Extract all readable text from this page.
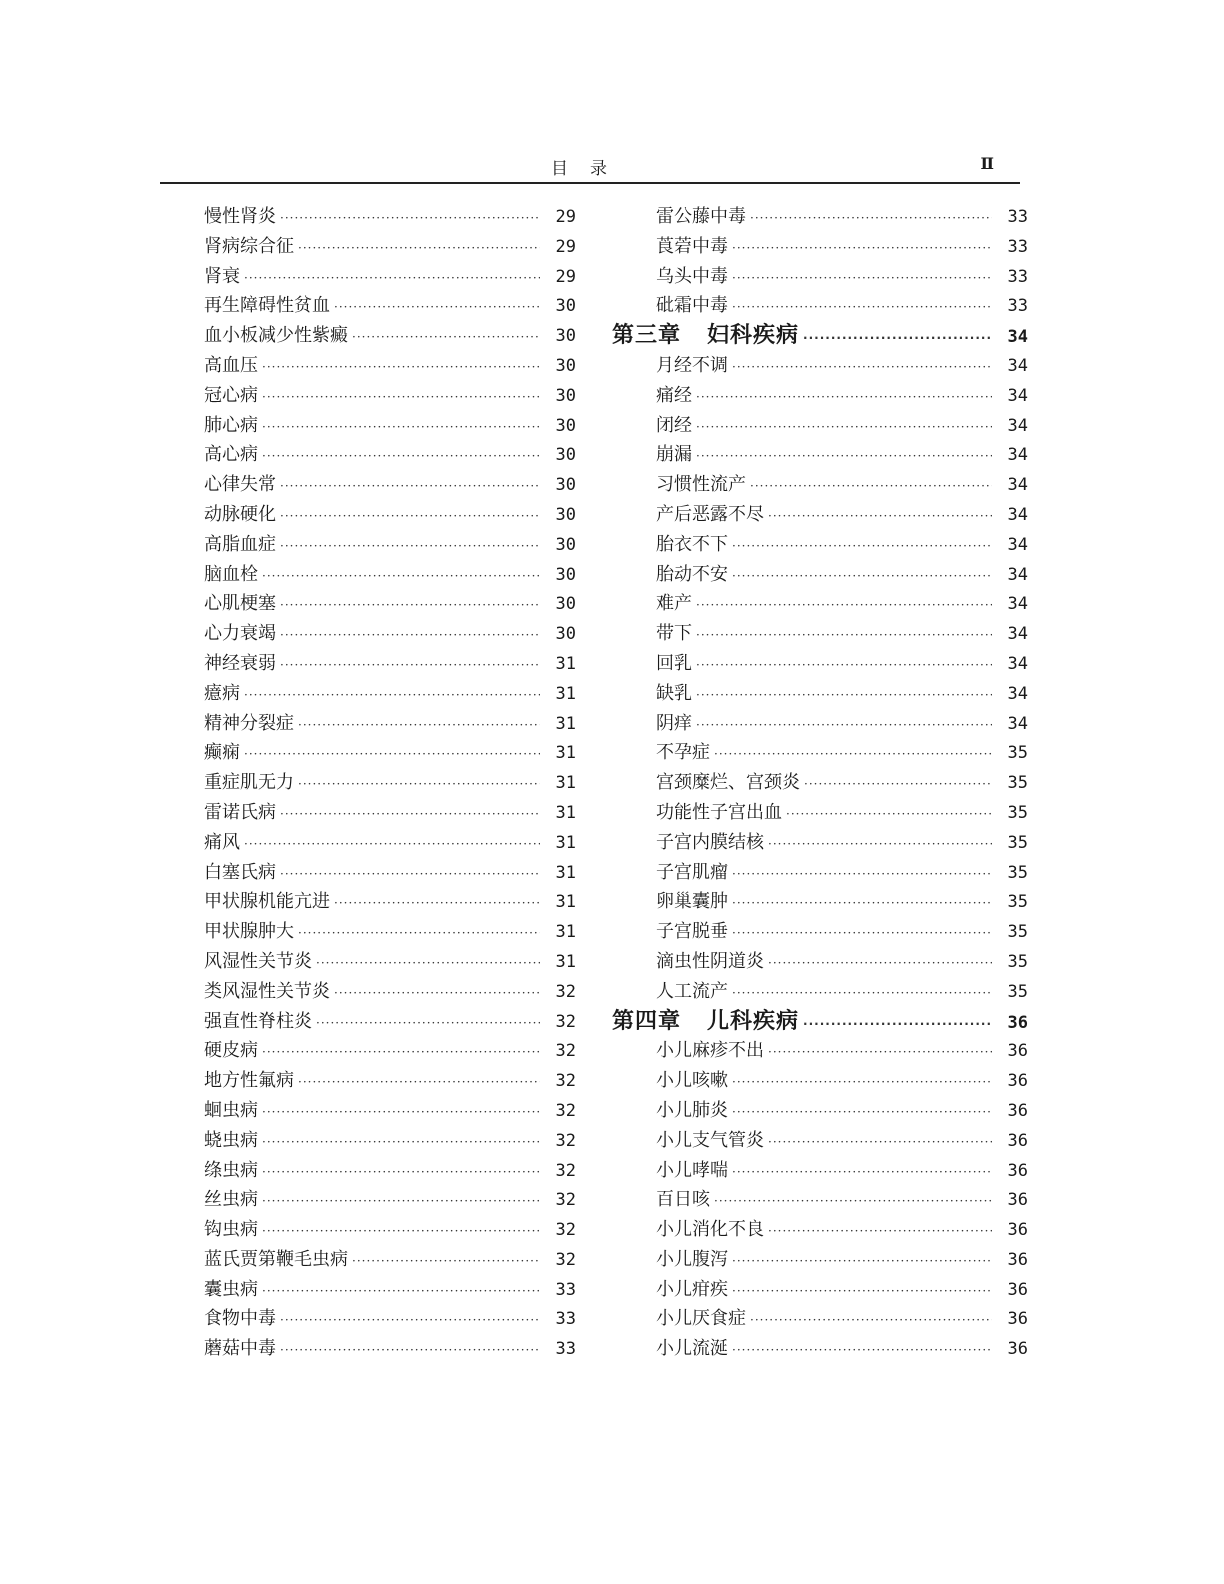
目录	Ⅱ
慢性肾炎 ·····	29
肾病综合征 ·····	29
肾衰 ·····	29
再生障碍性贫血 ·····	30
血小板减少性紫癜 ·····	30
高血压 ·····	30
冠心病 ·····	30
肺心病 ·····	30
高心病 ·····	30
心律失常 ·····	30
动脉硬化 ·····	30
高脂血症 ·····	30
脑血栓 ·····	30
心肌梗塞 ·····	30
心力衰竭 ·····	30
神经衰弱 ·····	31
癔病 ·····	31
精神分裂症 ·····	31
癫痫 ·····	31
重症肌无力 ·····	31
雷诺氏病 ·····	31
痛风 ·····	31
白塞氏病 ·····	31
甲状腺机能亢进 ·····	31
甲状腺肿大 ·····	31
风湿性关节炎 ·····	31
类风湿性关节炎 ·····	32
强直性脊柱炎 ·····	32
硬皮病 ·····	32
地方性氟病 ·····	32
蛔虫病 ·····	32
蛲虫病 ·····	32
绦虫病 ·····	32
丝虫病 ·····	32
钩虫病 ·····	32
蓝氏贾第鞭毛虫病 ·····	32
囊虫病 ·····	33
食物中毒 ·····	33
蘑菇中毒 ·····	33
雷公藤中毒 ·····	33
莨菪中毒 ·····	33
乌头中毒 ·····	33
砒霜中毒 ·····	33
第三章 妇科疾病 ·····	34
月经不调 ·····	34
痛经 ·····	34
闭经 ·····	34
崩漏 ·····	34
习惯性流产 ·····	34
产后恶露不尽 ·····	34
胎衣不下 ·····	34
胎动不安 ·····	34
难产 ·····	34
带下 ·····	34
回乳 ·····	34
缺乳 ·····	34
阴痒 ·····	34
不孕症 ·····	35
宫颈糜烂、宫颈炎 ·····	35
功能性子宫出血 ·····	35
子宫内膜结核 ·····	35
子宫肌瘤 ·····	35
卵巢囊肿 ·····	35
子宫脱垂 ·····	35
滴虫性阴道炎 ·····	35
人工流产 ·····	35
第四章 儿科疾病 ·····	36
小儿麻疹不出 ·····	36
小儿咳嗽 ·····	36
小儿肺炎 ·····	36
小儿支气管炎 ·····	36
小儿哮喘 ·····	36
百日咳 ·····	36
小儿消化不良 ·····	36
小儿腹泻 ·····	36
小儿疳疾 ·····	36
小儿厌食症 ·····	36
小儿流涎 ·····	36
